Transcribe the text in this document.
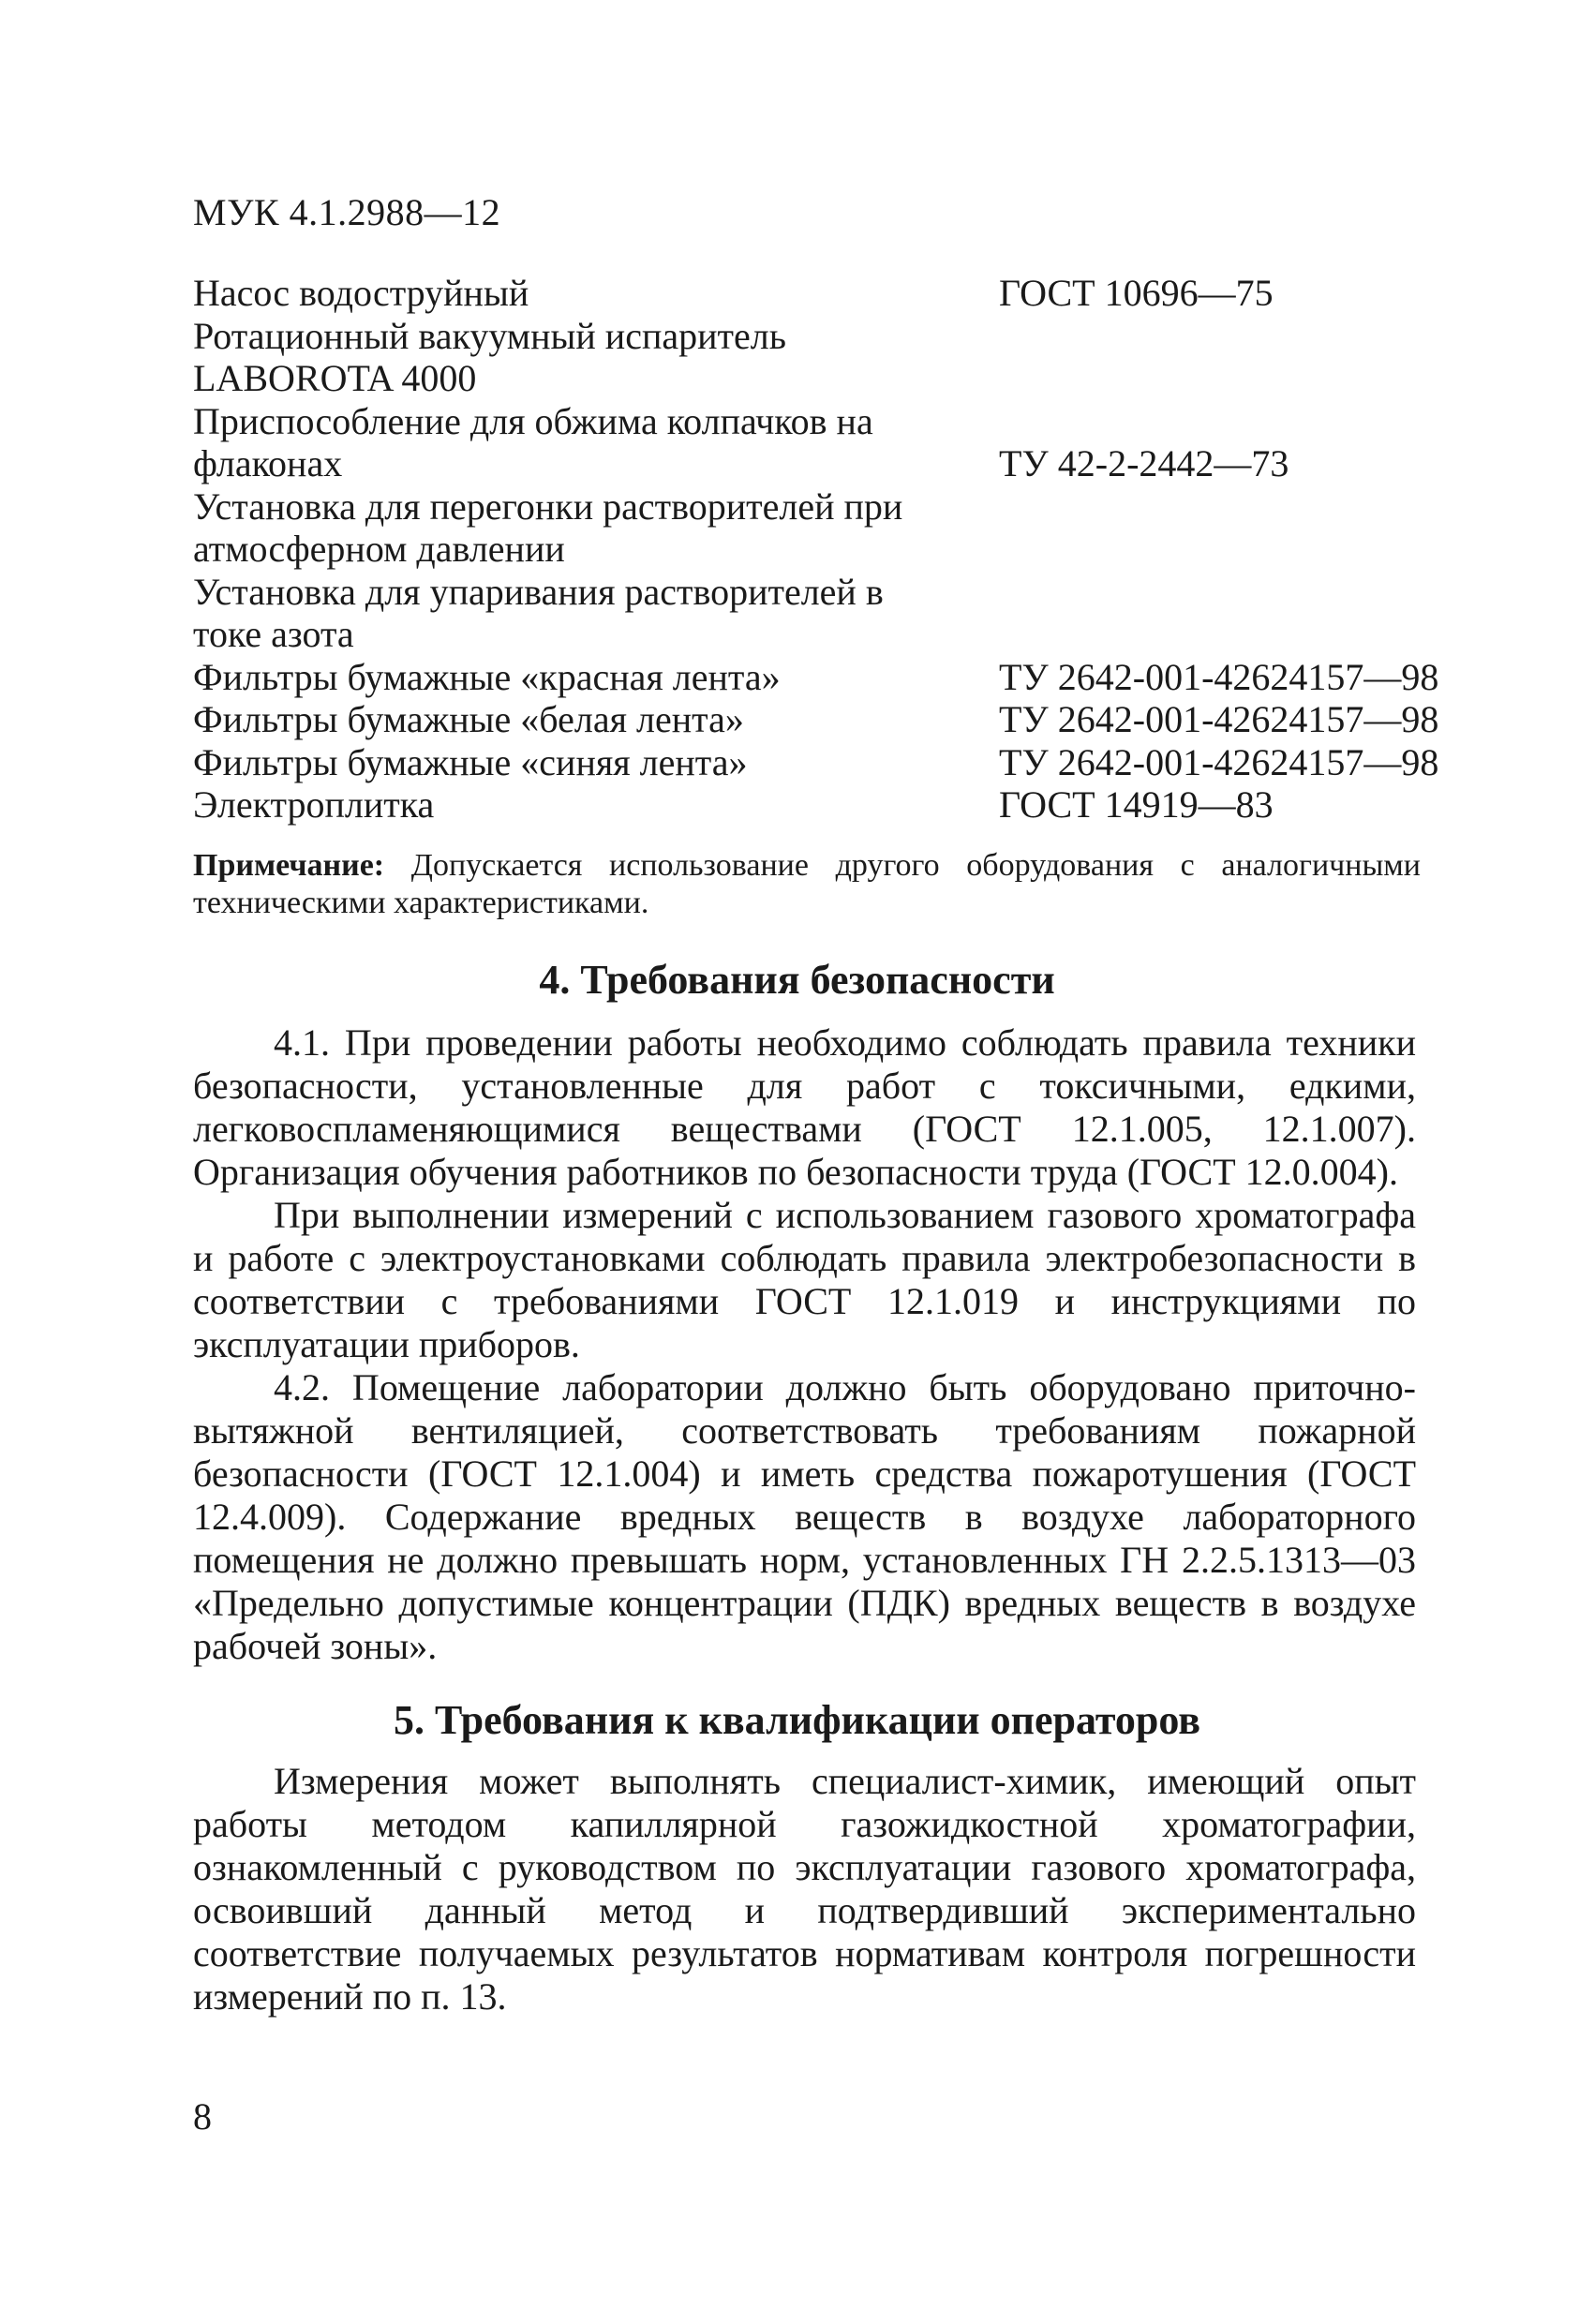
МУК 4.1.2988—12
Насос водоструйный	ГОСТ 10696—75
Ротационный вакуумный испаритель
LABOROTA 4000
Приспособление для обжима колпачков на
флаконах	ТУ 42-2-2442—73
Установка для перегонки растворителей при
атмосферном давлении
Установка для упаривания растворителей в
токе азота
Фильтры бумажные «красная лента»	ТУ 2642-001-42624157—98
Фильтры бумажные «белая лента»	ТУ 2642-001-42624157—98
Фильтры бумажные «синяя лента»	ТУ 2642-001-42624157—98
Электроплитка	ГОСТ 14919—83
Примечание: Допускается использование другого оборудования с аналогичными техническими характеристиками.
4. Требования безопасности

4.1. При проведении работы необходимо соблюдать правила техники безопасности, установленные для работ с токсичными, едкими, легковоспламеняющимися веществами (ГОСТ 12.1.005, 12.1.007). Организация обучения работников по безопасности труда (ГОСТ 12.0.004).

При выполнении измерений с использованием газового хроматографа и работе с электроустановками соблюдать правила электробезопасности в соответствии с требованиями ГОСТ 12.1.019 и инструкциями по эксплуатации приборов.

4.2. Помещение лаборатории должно быть оборудовано приточно-вытяжной вентиляцией, соответствовать требованиям пожарной безопасности (ГОСТ 12.1.004) и иметь средства пожаротушения (ГОСТ 12.4.009). Содержание вредных веществ в воздухе лабораторного помещения не должно превышать норм, установленных ГН 2.2.5.1313—03 «Предельно допустимые концентрации (ПДК) вредных веществ в воздухе рабочей зоны».

5. Требования к квалификации операторов

Измерения может выполнять специалист-химик, имеющий опыт работы методом капиллярной газожидкостной хроматографии, ознакомленный с руководством по эксплуатации газового хроматографа, освоивший данный метод и подтвердивший экспериментально соответствие получаемых результатов нормативам контроля погрешности измерений по п. 13.

8
